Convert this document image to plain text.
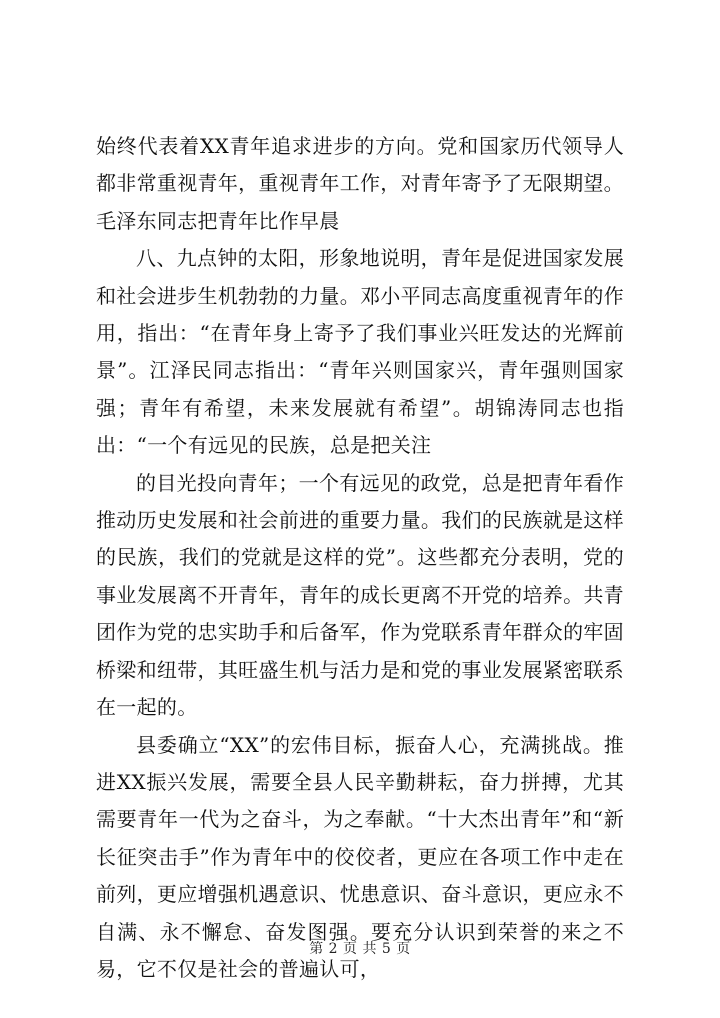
始终代表着XX青年追求进步的方向。党和国家历代领导人都非常重视青年，重视青年工作，对青年寄予了无限期望。毛泽东同志把青年比作早晨

八、九点钟的太阳，形象地说明，青年是促进国家发展和社会进步生机勃勃的力量。邓小平同志高度重视青年的作用，指出：“在青年身上寄予了我们事业兴旺发达的光辉前景”。江泽民同志指出：“青年兴则国家兴，青年强则国家强；青年有希望，未来发展就有希望”。胡锦涛同志也指出：“一个有远见的民族，总是把关注

的目光投向青年；一个有远见的政党，总是把青年看作推动历史发展和社会前进的重要力量。我们的民族就是这样的民族，我们的党就是这样的党”。这些都充分表明，党的事业发展离不开青年，青年的成长更离不开党的培养。共青团作为党的忠实助手和后备军，作为党联系青年群众的牢固桥梁和纽带，其旺盛生机与活力是和党的事业发展紧密联系在一起的。

县委确立“XX”的宏伟目标，振奋人心，充满挑战。推进XX振兴发展，需要全县人民辛勤耕耘，奋力拼搏，尤其需要青年一代为之奋斗，为之奉献。“十大杰出青年”和“新长征突击手”作为青年中的佼佼者，更应在各项工作中走在前列，更应增强机遇意识、忧患意识、奋斗意识，更应永不自满、永不懈怠、奋发图强。要充分认识到荣誉的来之不易，它不仅是社会的普遍认可，

第 2 页 共 5 页
